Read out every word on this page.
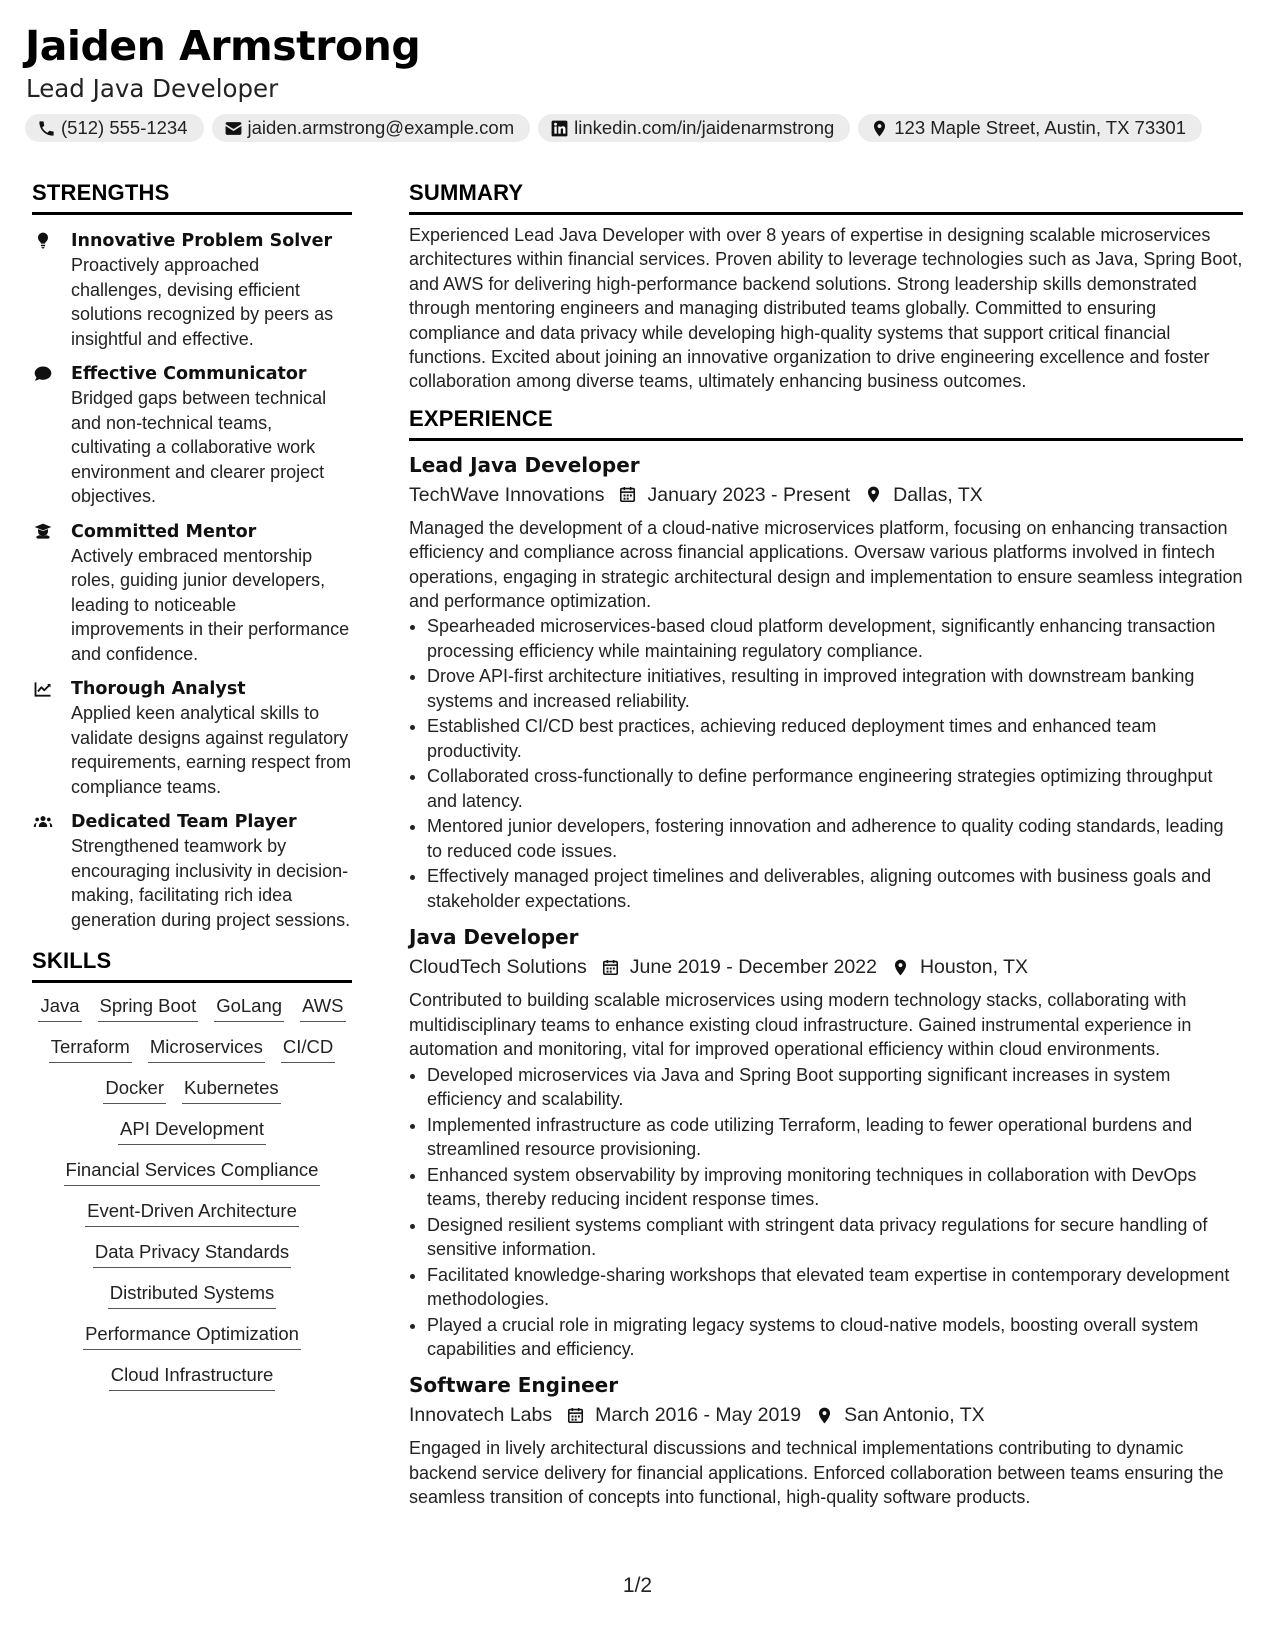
Jaiden Armstrong
Lead Java Developer
(512) 555-1234	jaiden.armstrong@example.com	linkedin.com/in/jaidenarmstrong	123 Maple Street, Austin, TX 73301
STRENGTHS
Innovative Problem Solver
Proactively approached challenges, devising efficient solutions recognized by peers as insightful and effective.
Effective Communicator
Bridged gaps between technical and non-technical teams, cultivating a collaborative work environment and clearer project objectives.
Committed Mentor
Actively embraced mentorship roles, guiding junior developers, leading to noticeable improvements in their performance and confidence.
Thorough Analyst
Applied keen analytical skills to validate designs against regulatory requirements, earning respect from compliance teams.
Dedicated Team Player
Strengthened teamwork by encouraging inclusivity in decision-making, facilitating rich idea generation during project sessions.
SKILLS
Java Spring Boot GoLang AWS
Terraform Microservices CI/CD
Docker Kubernetes
API Development
Financial Services Compliance
Event-Driven Architecture
Data Privacy Standards
Distributed Systems
Performance Optimization
Cloud Infrastructure
SUMMARY

Experienced Lead Java Developer with over 8 years of expertise in designing scalable microservices architectures within financial services. Proven ability to leverage technologies such as Java, Spring Boot, and AWS for delivering high-performance backend solutions. Strong leadership skills demonstrated through mentoring engineers and managing distributed teams globally. Committed to ensuring compliance and data privacy while developing high-quality systems that support critical financial functions. Excited about joining an innovative organization to drive engineering excellence and foster collaboration among diverse teams, ultimately enhancing business outcomes.

EXPERIENCE
Lead Java Developer
TechWave Innovations January 2023 - Present Dallas, TX
Managed the development of a cloud-native microservices platform, focusing on enhancing transaction efficiency and compliance across financial applications. Oversaw various platforms involved in fintech operations, engaging in strategic architectural design and implementation to ensure seamless integration and performance optimization.
• Spearheaded microservices-based cloud platform development, significantly enhancing transaction processing efficiency while maintaining regulatory compliance.
• Drove API-first architecture initiatives, resulting in improved integration with downstream banking systems and increased reliability.
• Established CI/CD best practices, achieving reduced deployment times and enhanced team productivity.
• Collaborated cross-functionally to define performance engineering strategies optimizing throughput and latency.
• Mentored junior developers, fostering innovation and adherence to quality coding standards, leading to reduced code issues.
• Effectively managed project timelines and deliverables, aligning outcomes with business goals and stakeholder expectations.
Java Developer
CloudTech Solutions June 2019 - December 2022 Houston, TX
Contributed to building scalable microservices using modern technology stacks, collaborating with multidisciplinary teams to enhance existing cloud infrastructure. Gained instrumental experience in automation and monitoring, vital for improved operational efficiency within cloud environments.
• Developed microservices via Java and Spring Boot supporting significant increases in system efficiency and scalability.
• Implemented infrastructure as code utilizing Terraform, leading to fewer operational burdens and streamlined resource provisioning.
• Enhanced system observability by improving monitoring techniques in collaboration with DevOps teams, thereby reducing incident response times.
• Designed resilient systems compliant with stringent data privacy regulations for secure handling of sensitive information.
• Facilitated knowledge-sharing workshops that elevated team expertise in contemporary development methodologies.
• Played a crucial role in migrating legacy systems to cloud-native models, boosting overall system capabilities and efficiency.
Software Engineer
Innovatech Labs March 2016 - May 2019 San Antonio, TX
Engaged in lively architectural discussions and technical implementations contributing to dynamic backend service delivery for financial applications. Enforced collaboration between teams ensuring the seamless transition of concepts into functional, high-quality software products.
1/2
